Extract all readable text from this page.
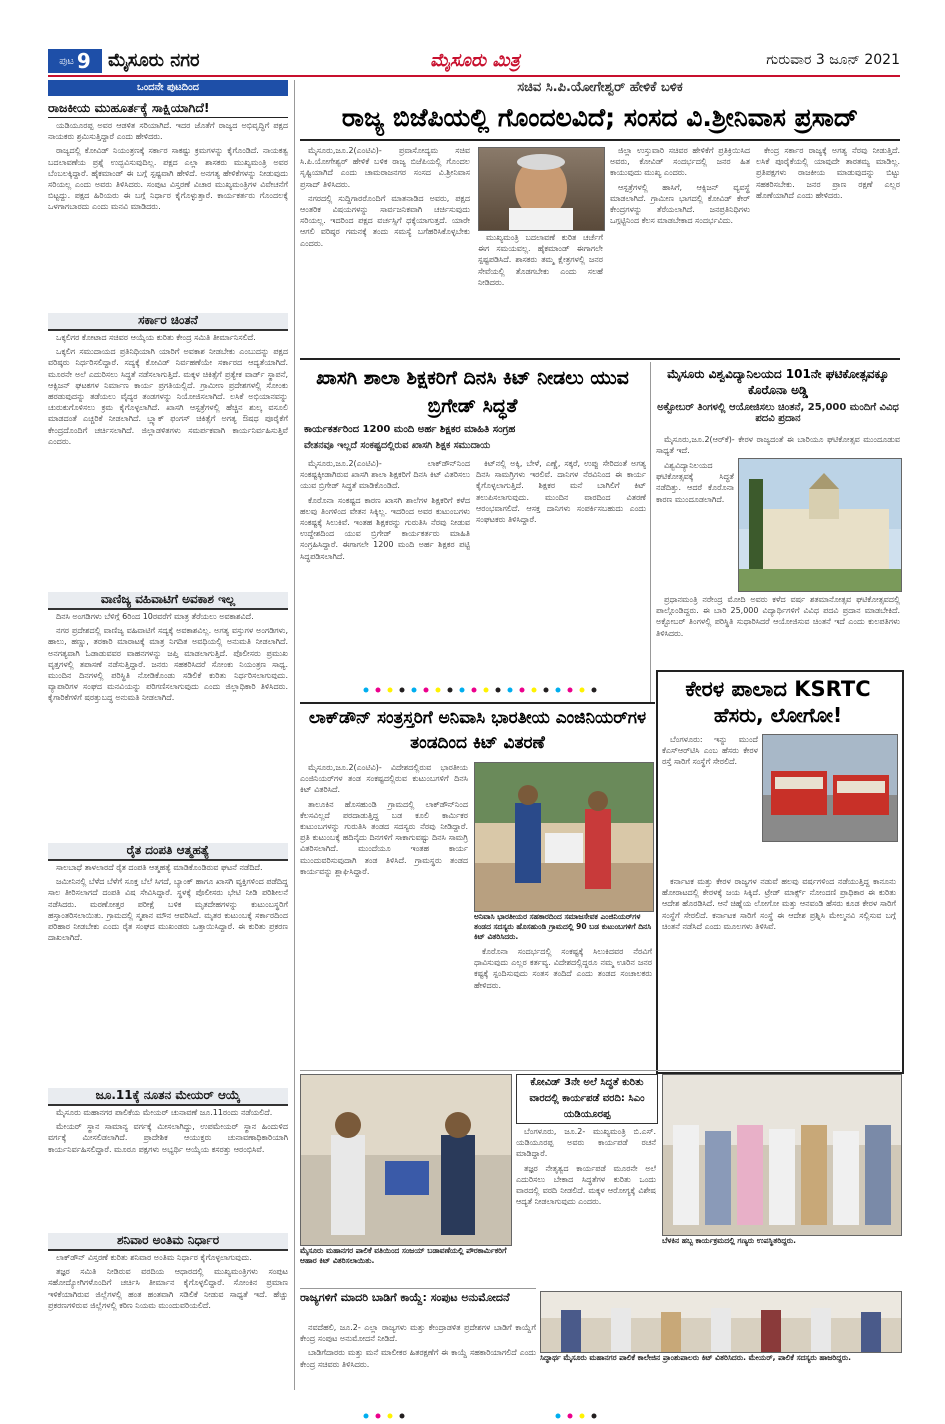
ಪುಟ 9 ಮೈಸೂರು ನಗರ	ಮೈಸೂರು ಮಿತ್ರ	ಗುರುವಾರ 3 ಜೂನ್ 2021
ಒಂದನೇ ಪುಟದಿಂದ
ರಾಜಕೀಯ ಮುಹೂರ್ತಕ್ಕೆ ಸಾಕ್ಷಿಯಾಗಿದೆ!

ಯಡಿಯೂರಪ್ಪ ಅವರ ಆಡಳಿತ ಸರಿಯಾಗಿದೆ. ಇದರ ಜೊತೆಗೆ ರಾಜ್ಯದ ಅಭಿವೃದ್ಧಿಗೆ ಪಕ್ಷದ ನಾಯಕರು ಶ್ರಮಿಸುತ್ತಿದ್ದಾರೆ ಎಂದು ಹೇಳಿದರು.

ರಾಜ್ಯದಲ್ಲಿ ಕೋವಿಡ್ ನಿಯಂತ್ರಣಕ್ಕೆ ಸರ್ಕಾರ ಸಾಕಷ್ಟು ಕ್ರಮಗಳನ್ನು ಕೈಗೊಂಡಿದೆ. ನಾಯಕತ್ವ ಬದಲಾವಣೆಯ ಪ್ರಶ್ನೆ ಉದ್ಭವಿಸುವುದಿಲ್ಲ. ಪಕ್ಷದ ಎಲ್ಲಾ ಶಾಸಕರು ಮುಖ್ಯಮಂತ್ರಿ ಅವರ ಬೆಂಬಲಕ್ಕಿದ್ದಾರೆ. ಹೈಕಮಾಂಡ್ ಈ ಬಗ್ಗೆ ಸ್ಪಷ್ಟವಾಗಿ ಹೇಳಿದೆ. ಅನಗತ್ಯ ಹೇಳಿಕೆಗಳನ್ನು ನೀಡುವುದು ಸರಿಯಲ್ಲ ಎಂದು ಅವರು ತಿಳಿಸಿದರು. ಸಂಪುಟ ವಿಸ್ತರಣೆ ವಿಚಾರ ಮುಖ್ಯಮಂತ್ರಿಗಳ ವಿವೇಚನೆಗೆ ಬಿಟ್ಟದ್ದು. ಪಕ್ಷದ ಹಿರಿಯರು ಈ ಬಗ್ಗೆ ನಿರ್ಧಾರ ಕೈಗೊಳ್ಳುತ್ತಾರೆ. ಕಾರ್ಯಕರ್ತರು ಗೊಂದಲಕ್ಕೆ ಒಳಗಾಗಬಾರದು ಎಂದು ಮನವಿ ಮಾಡಿದರು.

ಸರ್ಕಾರ ಚಿಂತನೆ

ಒಕ್ಕಲಿಗರ ಕೋಟಾದ ಸಚಿವರ ಆಯ್ಕೆಯ ಕುರಿತು ಕೇಂದ್ರ ಸಮಿತಿ ತೀರ್ಮಾನಿಸಲಿದೆ.

ಒಕ್ಕಲಿಗ ಸಮುದಾಯದ ಪ್ರತಿನಿಧಿಯಾಗಿ ಯಾರಿಗೆ ಅವಕಾಶ ನೀಡಬೇಕು ಎಂಬುದನ್ನು ಪಕ್ಷದ ವರಿಷ್ಠರು ನಿರ್ಧರಿಸಲಿದ್ದಾರೆ. ಸದ್ಯಕ್ಕೆ ಕೋವಿಡ್ ನಿರ್ವಹಣೆಯೇ ಸರ್ಕಾರದ ಆದ್ಯತೆಯಾಗಿದೆ. ಮೂರನೇ ಅಲೆ ಎದುರಿಸಲು ಸಿದ್ಧತೆ ನಡೆಸಲಾಗುತ್ತಿದೆ. ಮಕ್ಕಳ ಚಿಕಿತ್ಸೆಗೆ ಪ್ರತ್ಯೇಕ ವಾರ್ಡ್ ಸ್ಥಾಪನೆ, ಆಕ್ಸಿಜನ್ ಘಟಕಗಳ ನಿರ್ಮಾಣ ಕಾರ್ಯ ಪ್ರಗತಿಯಲ್ಲಿದೆ. ಗ್ರಾಮೀಣ ಪ್ರದೇಶಗಳಲ್ಲಿ ಸೋಂಕು ಹರಡುವುದನ್ನು ತಡೆಯಲು ವೈದ್ಯರ ತಂಡಗಳನ್ನು ನಿಯೋಜಿಸಲಾಗಿದೆ. ಲಸಿಕೆ ಅಭಿಯಾನವನ್ನು ಚುರುಕುಗೊಳಿಸಲು ಕ್ರಮ ಕೈಗೊಳ್ಳಲಾಗಿದೆ. ಖಾಸಗಿ ಆಸ್ಪತ್ರೆಗಳಲ್ಲಿ ಹೆಚ್ಚಿನ ಶುಲ್ಕ ವಸೂಲಿ ಮಾಡದಂತೆ ಎಚ್ಚರಿಕೆ ನೀಡಲಾಗಿದೆ. ಬ್ಲ್ಯಾಕ್ ಫಂಗಸ್ ಚಿಕಿತ್ಸೆಗೆ ಅಗತ್ಯ ಔಷಧ ಪೂರೈಕೆಗೆ ಕೇಂದ್ರದೊಂದಿಗೆ ಚರ್ಚಿಸಲಾಗಿದೆ. ಜಿಲ್ಲಾಡಳಿತಗಳು ಸಮರ್ಪಕವಾಗಿ ಕಾರ್ಯನಿರ್ವಹಿಸುತ್ತಿವೆ ಎಂದರು.

ವಾಣಿಜ್ಯ ವಹಿವಾಟಿಗೆ ಅವಕಾಶ ಇಲ್ಲ

ದಿನಸಿ ಅಂಗಡಿಗಳು ಬೆಳಿಗ್ಗೆ 6ರಿಂದ 10ರವರೆಗೆ ಮಾತ್ರ ತೆರೆಯಲು ಅವಕಾಶವಿದೆ.

ನಗರ ಪ್ರದೇಶದಲ್ಲಿ ವಾಣಿಜ್ಯ ವಹಿವಾಟಿಗೆ ಸದ್ಯಕ್ಕೆ ಅವಕಾಶವಿಲ್ಲ. ಅಗತ್ಯ ವಸ್ತುಗಳ ಅಂಗಡಿಗಳು, ಹಾಲು, ಹಣ್ಣು, ತರಕಾರಿ ಮಾರಾಟಕ್ಕೆ ಮಾತ್ರ ನಿಗದಿತ ಅವಧಿಯಲ್ಲಿ ಅನುಮತಿ ನೀಡಲಾಗಿದೆ. ಅನಗತ್ಯವಾಗಿ ಓಡಾಡುವವರ ವಾಹನಗಳನ್ನು ಜಪ್ತಿ ಮಾಡಲಾಗುತ್ತಿದೆ. ಪೊಲೀಸರು ಪ್ರಮುಖ ವೃತ್ತಗಳಲ್ಲಿ ತಪಾಸಣೆ ನಡೆಸುತ್ತಿದ್ದಾರೆ. ಜನರು ಸಹಕರಿಸಿದರೆ ಸೋಂಕು ನಿಯಂತ್ರಣ ಸಾಧ್ಯ. ಮುಂದಿನ ದಿನಗಳಲ್ಲಿ ಪರಿಸ್ಥಿತಿ ನೋಡಿಕೊಂಡು ಸಡಿಲಿಕೆ ಕುರಿತು ನಿರ್ಧರಿಸಲಾಗುವುದು. ವ್ಯಾಪಾರಿಗಳ ಸಂಘದ ಮನವಿಯನ್ನು ಪರಿಗಣಿಸಲಾಗುವುದು ಎಂದು ಜಿಲ್ಲಾಧಿಕಾರಿ ತಿಳಿಸಿದರು. ಕೈಗಾರಿಕೆಗಳಿಗೆ ಷರತ್ತುಬದ್ಧ ಅನುಮತಿ ನೀಡಲಾಗಿದೆ.

ರೈತ ದಂಪತಿ ಆತ್ಮಹತ್ಯೆ

ಸಾಲಬಾಧೆ ತಾಳಲಾರದೆ ರೈತ ದಂಪತಿ ಆತ್ಮಹತ್ಯೆ ಮಾಡಿಕೊಂಡಿರುವ ಘಟನೆ ನಡೆದಿದೆ.

ಜಮೀನಿನಲ್ಲಿ ಬೆಳೆದ ಬೆಳೆಗೆ ಸೂಕ್ತ ಬೆಲೆ ಸಿಗದೆ, ಬ್ಯಾಂಕ್ ಹಾಗೂ ಖಾಸಗಿ ವ್ಯಕ್ತಿಗಳಿಂದ ಪಡೆದಿದ್ದ ಸಾಲ ತೀರಿಸಲಾಗದೆ ದಂಪತಿ ವಿಷ ಸೇವಿಸಿದ್ದಾರೆ. ಸ್ಥಳಕ್ಕೆ ಪೊಲೀಸರು ಭೇಟಿ ನೀಡಿ ಪರಿಶೀಲನೆ ನಡೆಸಿದರು. ಮರಣೋತ್ತರ ಪರೀಕ್ಷೆ ಬಳಿಕ ಮೃತದೇಹಗಳನ್ನು ಕುಟುಂಬಸ್ಥರಿಗೆ ಹಸ್ತಾಂತರಿಸಲಾಯಿತು. ಗ್ರಾಮದಲ್ಲಿ ಸ್ಮಶಾನ ಮೌನ ಆವರಿಸಿದೆ. ಮೃತರ ಕುಟುಂಬಕ್ಕೆ ಸರ್ಕಾರದಿಂದ ಪರಿಹಾರ ನೀಡಬೇಕು ಎಂದು ರೈತ ಸಂಘದ ಮುಖಂಡರು ಒತ್ತಾಯಿಸಿದ್ದಾರೆ. ಈ ಕುರಿತು ಪ್ರಕರಣ ದಾಖಲಾಗಿದೆ.

ಜೂ.11ಕ್ಕೆ ನೂತನ ಮೇಯರ್ ಆಯ್ಕೆ

ಮೈಸೂರು ಮಹಾನಗರ ಪಾಲಿಕೆಯ ಮೇಯರ್ ಚುನಾವಣೆ ಜೂ.11ರಂದು ನಡೆಯಲಿದೆ.

ಮೇಯರ್ ಸ್ಥಾನ ಸಾಮಾನ್ಯ ವರ್ಗಕ್ಕೆ ಮೀಸಲಾಗಿದ್ದು, ಉಪಮೇಯರ್ ಸ್ಥಾನ ಹಿಂದುಳಿದ ವರ್ಗಕ್ಕೆ ಮೀಸಲಿಡಲಾಗಿದೆ. ಪ್ರಾದೇಶಿಕ ಆಯುಕ್ತರು ಚುನಾವಣಾಧಿಕಾರಿಯಾಗಿ ಕಾರ್ಯನಿರ್ವಹಿಸಲಿದ್ದಾರೆ. ಮೂರೂ ಪಕ್ಷಗಳು ಅಭ್ಯರ್ಥಿ ಆಯ್ಕೆಯ ಕಸರತ್ತು ಆರಂಭಿಸಿವೆ.

ಶನಿವಾರ ಅಂತಿಮ ನಿರ್ಧಾರ

ಲಾಕ್‌ಡೌನ್ ವಿಸ್ತರಣೆ ಕುರಿತು ಶನಿವಾರ ಅಂತಿಮ ನಿರ್ಧಾರ ಕೈಗೊಳ್ಳಲಾಗುವುದು.

ತಜ್ಞರ ಸಮಿತಿ ನೀಡಿರುವ ವರದಿಯ ಆಧಾರದಲ್ಲಿ ಮುಖ್ಯಮಂತ್ರಿಗಳು ಸಂಪುಟ ಸಹೋದ್ಯೋಗಿಗಳೊಂದಿಗೆ ಚರ್ಚಿಸಿ ತೀರ್ಮಾನ ಕೈಗೊಳ್ಳಲಿದ್ದಾರೆ. ಸೋಂಕಿನ ಪ್ರಮಾಣ ಇಳಿಕೆಯಾಗಿರುವ ಜಿಲ್ಲೆಗಳಲ್ಲಿ ಹಂತ ಹಂತವಾಗಿ ಸಡಿಲಿಕೆ ನೀಡುವ ಸಾಧ್ಯತೆ ಇದೆ. ಹೆಚ್ಚು ಪ್ರಕರಣಗಳಿರುವ ಜಿಲ್ಲೆಗಳಲ್ಲಿ ಕಠಿಣ ನಿಯಮ ಮುಂದುವರಿಯಲಿದೆ.

ಸಚಿವ ಸಿ.ಪಿ.ಯೋಗೇಶ್ವರ್ ಹೇಳಿಕೆ ಬಳಿಕ
ರಾಜ್ಯ ಬಿಜೆಪಿಯಲ್ಲಿ ಗೊಂದಲವಿದೆ; ಸಂಸದ ವಿ.ಶ್ರೀನಿವಾಸ ಪ್ರಸಾದ್

ಮೈಸೂರು,ಜೂ.2(ಎಂಟಿವಿ)- ಪ್ರವಾಸೋದ್ಯಮ ಸಚಿವ ಸಿ.ಪಿ.ಯೋಗೇಶ್ವರ್ ಹೇಳಿಕೆ ಬಳಿಕ ರಾಜ್ಯ ಬಿಜೆಪಿಯಲ್ಲಿ ಗೊಂದಲ ಸೃಷ್ಟಿಯಾಗಿದೆ ಎಂದು ಚಾಮರಾಜನಗರ ಸಂಸದ ವಿ.ಶ್ರೀನಿವಾಸ ಪ್ರಸಾದ್ ತಿಳಿಸಿದರು.

ನಗರದಲ್ಲಿ ಸುದ್ದಿಗಾರರೊಂದಿಗೆ ಮಾತನಾಡಿದ ಅವರು, ಪಕ್ಷದ ಆಂತರಿಕ ವಿಷಯಗಳನ್ನು ಸಾರ್ವಜನಿಕವಾಗಿ ಚರ್ಚಿಸುವುದು ಸರಿಯಲ್ಲ. ಇದರಿಂದ ಪಕ್ಷದ ವರ್ಚಸ್ಸಿಗೆ ಧಕ್ಕೆಯಾಗುತ್ತದೆ. ಯಾರೇ ಆಗಲಿ ವರಿಷ್ಠರ ಗಮನಕ್ಕೆ ತಂದು ಸಮಸ್ಯೆ ಬಗೆಹರಿಸಿಕೊಳ್ಳಬೇಕು ಎಂದರು.

ಮುಖ್ಯಮಂತ್ರಿ ಬದಲಾವಣೆ ಕುರಿತ ಚರ್ಚೆಗೆ ಈಗ ಸಮಯವಲ್ಲ. ಹೈಕಮಾಂಡ್ ಈಗಾಗಲೇ ಸ್ಪಷ್ಟಪಡಿಸಿದೆ. ಶಾಸಕರು ತಮ್ಮ ಕ್ಷೇತ್ರಗಳಲ್ಲಿ ಜನರ ಸೇವೆಯಲ್ಲಿ ತೊಡಗಬೇಕು ಎಂದು ಸಲಹೆ ನೀಡಿದರು.

ಜಿಲ್ಲಾ ಉಸ್ತುವಾರಿ ಸಚಿವರ ಹೇಳಿಕೆಗೆ ಪ್ರತಿಕ್ರಿಯಿಸಿದ ಅವರು, ಕೋವಿಡ್ ಸಂದರ್ಭದಲ್ಲಿ ಜನರ ಹಿತ ಕಾಯುವುದು ಮುಖ್ಯ ಎಂದರು.

ಆಸ್ಪತ್ರೆಗಳಲ್ಲಿ ಹಾಸಿಗೆ, ಆಕ್ಸಿಜನ್ ವ್ಯವಸ್ಥೆ ಮಾಡಲಾಗಿದೆ. ಗ್ರಾಮೀಣ ಭಾಗದಲ್ಲಿ ಕೋವಿಡ್ ಕೇರ್ ಕೇಂದ್ರಗಳನ್ನು ತೆರೆಯಲಾಗಿದೆ. ಜನಪ್ರತಿನಿಧಿಗಳು ಒಗ್ಗಟ್ಟಿನಿಂದ ಕೆಲಸ ಮಾಡಬೇಕಾದ ಸಂದರ್ಭವಿದು.

ಕೇಂದ್ರ ಸರ್ಕಾರ ರಾಜ್ಯಕ್ಕೆ ಅಗತ್ಯ ನೆರವು ನೀಡುತ್ತಿದೆ. ಲಸಿಕೆ ಪೂರೈಕೆಯಲ್ಲಿ ಯಾವುದೇ ತಾರತಮ್ಯ ಮಾಡಿಲ್ಲ. ಪ್ರತಿಪಕ್ಷಗಳು ರಾಜಕೀಯ ಮಾಡುವುದನ್ನು ಬಿಟ್ಟು ಸಹಕರಿಸಬೇಕು. ಜನರ ಪ್ರಾಣ ರಕ್ಷಣೆ ಎಲ್ಲರ ಹೊಣೆಯಾಗಿದೆ ಎಂದು ಹೇಳಿದರು.

ಖಾಸಗಿ ಶಾಲಾ ಶಿಕ್ಷಕರಿಗೆ ದಿನಸಿ ಕಿಟ್ ನೀಡಲು ಯುವ ಬ್ರಿಗೇಡ್ ಸಿದ್ಧತೆ
ಕಾರ್ಯಕರ್ತರಿಂದ 1200 ಮಂದಿ ಅರ್ಹ ಶಿಕ್ಷಕರ ಮಾಹಿತಿ ಸಂಗ್ರಹ
ವೇತನವೂ ಇಲ್ಲದೆ ಸಂಕಷ್ಟದಲ್ಲಿರುವ ಖಾಸಗಿ ಶಿಕ್ಷಕ ಸಮುದಾಯ

ಮೈಸೂರು,ಜೂ.2(ಎಂಟಿವಿ)- ಲಾಕ್‌ಡೌನ್‌ನಿಂದ ಸಂಕಷ್ಟಕ್ಕೀಡಾಗಿರುವ ಖಾಸಗಿ ಶಾಲಾ ಶಿಕ್ಷಕರಿಗೆ ದಿನಸಿ ಕಿಟ್ ವಿತರಿಸಲು ಯುವ ಬ್ರಿಗೇಡ್ ಸಿದ್ಧತೆ ಮಾಡಿಕೊಂಡಿದೆ.

ಕೊರೊನಾ ಸಂಕಷ್ಟದ ಕಾರಣ ಖಾಸಗಿ ಶಾಲೆಗಳ ಶಿಕ್ಷಕರಿಗೆ ಕಳೆದ ಹಲವು ತಿಂಗಳಿಂದ ವೇತನ ಸಿಕ್ಕಿಲ್ಲ. ಇದರಿಂದ ಅವರ ಕುಟುಂಬಗಳು ಸಂಕಷ್ಟಕ್ಕೆ ಸಿಲುಕಿವೆ. ಇಂತಹ ಶಿಕ್ಷಕರನ್ನು ಗುರುತಿಸಿ ನೆರವು ನೀಡುವ ಉದ್ದೇಶದಿಂದ ಯುವ ಬ್ರಿಗೇಡ್ ಕಾರ್ಯಕರ್ತರು ಮಾಹಿತಿ ಸಂಗ್ರಹಿಸಿದ್ದಾರೆ. ಈಗಾಗಲೇ 1200 ಮಂದಿ ಅರ್ಹ ಶಿಕ್ಷಕರ ಪಟ್ಟಿ ಸಿದ್ಧಪಡಿಸಲಾಗಿದೆ.

ಕಿಟ್‌ನಲ್ಲಿ ಅಕ್ಕಿ, ಬೇಳೆ, ಎಣ್ಣೆ, ಸಕ್ಕರೆ, ಉಪ್ಪು ಸೇರಿದಂತೆ ಅಗತ್ಯ ದಿನಸಿ ಸಾಮಗ್ರಿಗಳು ಇರಲಿವೆ. ದಾನಿಗಳ ನೆರವಿನಿಂದ ಈ ಕಾರ್ಯ ಕೈಗೊಳ್ಳಲಾಗುತ್ತಿದೆ. ಶಿಕ್ಷಕರ ಮನೆ ಬಾಗಿಲಿಗೆ ಕಿಟ್ ತಲುಪಿಸಲಾಗುವುದು. ಮುಂದಿನ ವಾರದಿಂದ ವಿತರಣೆ ಆರಂಭವಾಗಲಿದೆ. ಆಸಕ್ತ ದಾನಿಗಳು ಸಂಪರ್ಕಿಸಬಹುದು ಎಂದು ಸಂಘಟಕರು ತಿಳಿಸಿದ್ದಾರೆ.

ಮೈಸೂರು ವಿಶ್ವವಿದ್ಯಾನಿಲಯದ 101ನೇ ಘಟಿಕೋತ್ಸವಕ್ಕೂ ಕೊರೊನಾ ಅಡ್ಡಿ
ಅಕ್ಟೋಬರ್ ತಿಂಗಳಲ್ಲಿ ಆಯೋಜಿಸಲು ಚಿಂತನೆ, 25,000 ಮಂದಿಗೆ ವಿವಿಧ ಪದವಿ ಪ್ರದಾನ

ಮೈಸೂರು,ಜೂ.2(ಆರ್‌ಕೆ)- ಕೇರಳ ರಾಜ್ಯದಂತೆ ಈ ಬಾರಿಯೂ ಘಟಿಕೋತ್ಸವ ಮುಂದೂಡುವ ಸಾಧ್ಯತೆ ಇದೆ.

ವಿಶ್ವವಿದ್ಯಾನಿಲಯದ ಘಟಿಕೋತ್ಸವಕ್ಕೆ ಸಿದ್ಧತೆ ನಡೆದಿತ್ತು. ಆದರೆ ಕೊರೊನಾ ಕಾರಣ ಮುಂದೂಡಲಾಗಿದೆ.

ಪ್ರಧಾನಮಂತ್ರಿ ನರೇಂದ್ರ ಮೋದಿ ಅವರು ಕಳೆದ ವರ್ಷ ಶತಮಾನೋತ್ಸವ ಘಟಿಕೋತ್ಸವದಲ್ಲಿ ಪಾಲ್ಗೊಂಡಿದ್ದರು. ಈ ಬಾರಿ 25,000 ವಿದ್ಯಾರ್ಥಿಗಳಿಗೆ ವಿವಿಧ ಪದವಿ ಪ್ರದಾನ ಮಾಡಬೇಕಿದೆ. ಅಕ್ಟೋಬರ್ ತಿಂಗಳಲ್ಲಿ ಪರಿಸ್ಥಿತಿ ಸುಧಾರಿಸಿದರೆ ಆಯೋಜಿಸುವ ಚಿಂತನೆ ಇದೆ ಎಂದು ಕುಲಪತಿಗಳು ತಿಳಿಸಿದರು.

ಲಾಕ್‌ಡೌನ್ ಸಂತ್ರಸ್ತರಿಗೆ ಅನಿವಾಸಿ ಭಾರತೀಯ ಎಂಜಿನಿಯರ್‌ಗಳ ತಂಡದಿಂದ ಕಿಟ್ ವಿತರಣೆ

ಮೈಸೂರು,ಜೂ.2(ಎಂಟಿವಿ)- ವಿದೇಶದಲ್ಲಿರುವ ಭಾರತೀಯ ಎಂಜಿನಿಯರ್‌ಗಳ ತಂಡ ಸಂಕಷ್ಟದಲ್ಲಿರುವ ಕುಟುಂಬಗಳಿಗೆ ದಿನಸಿ ಕಿಟ್ ವಿತರಿಸಿದೆ.

ತಾಲೂಕಿನ ಹೊಸಹುಂಡಿ ಗ್ರಾಮದಲ್ಲಿ ಲಾಕ್‌ಡೌನ್‌ನಿಂದ ಕೆಲಸವಿಲ್ಲದೆ ಪರದಾಡುತ್ತಿದ್ದ ಬಡ ಕೂಲಿ ಕಾರ್ಮಿಕರ ಕುಟುಂಬಗಳನ್ನು ಗುರುತಿಸಿ ತಂಡದ ಸದಸ್ಯರು ನೆರವು ನೀಡಿದ್ದಾರೆ. ಪ್ರತಿ ಕುಟುಂಬಕ್ಕೆ ಹದಿನೈದು ದಿನಗಳಿಗೆ ಸಾಕಾಗುವಷ್ಟು ದಿನಸಿ ಸಾಮಗ್ರಿ ವಿತರಿಸಲಾಗಿದೆ. ಮುಂದೆಯೂ ಇಂತಹ ಕಾರ್ಯ ಮುಂದುವರಿಸುವುದಾಗಿ ತಂಡ ತಿಳಿಸಿದೆ. ಗ್ರಾಮಸ್ಥರು ತಂಡದ ಕಾರ್ಯವನ್ನು ಶ್ಲಾಘಿಸಿದ್ದಾರೆ.

ಅನಿವಾಸಿ ಭಾರತೀಯರ ಸಹಕಾರದಿಂದ ಸಮಾಜಸೇವಕ ಎಂಜಿನಿಯರ್‌ಗಳ ತಂಡದ ಸದಸ್ಯರು ಹೊಸಹುಂಡಿ ಗ್ರಾಮದಲ್ಲಿ 90 ಬಡ ಕುಟುಂಬಗಳಿಗೆ ದಿನಸಿ ಕಿಟ್ ವಿತರಿಸಿದರು.

ಕೊರೊನಾ ಸಂದರ್ಭದಲ್ಲಿ ಸಂಕಷ್ಟಕ್ಕೆ ಸಿಲುಕಿದವರ ನೆರವಿಗೆ ಧಾವಿಸುವುದು ಎಲ್ಲರ ಕರ್ತವ್ಯ. ವಿದೇಶದಲ್ಲಿದ್ದರೂ ನಮ್ಮ ಊರಿನ ಜನರ ಕಷ್ಟಕ್ಕೆ ಸ್ಪಂದಿಸುವುದು ಸಂತಸ ತಂದಿದೆ ಎಂದು ತಂಡದ ಸಂಚಾಲಕರು ಹೇಳಿದರು.

ಕೇರಳ ಪಾಲಾದ KSRTC
ಹೆಸರು, ಲೋಗೋ!

ಬೆಂಗಳೂರು: ಇನ್ನು ಮುಂದೆ ಕೆಎಸ್‌ಆರ್‌ಟಿಸಿ ಎಂಬ ಹೆಸರು ಕೇರಳ ರಸ್ತೆ ಸಾರಿಗೆ ಸಂಸ್ಥೆಗೆ ಸೇರಲಿದೆ.

ಕರ್ನಾಟಕ ಮತ್ತು ಕೇರಳ ರಾಜ್ಯಗಳ ನಡುವೆ ಹಲವು ವರ್ಷಗಳಿಂದ ನಡೆಯುತ್ತಿದ್ದ ಕಾನೂನು ಹೋರಾಟದಲ್ಲಿ ಕೇರಳಕ್ಕೆ ಜಯ ಸಿಕ್ಕಿದೆ. ಟ್ರೇಡ್ ಮಾರ್ಕ್ಸ್ ನೋಂದಣಿ ಪ್ರಾಧಿಕಾರ ಈ ಕುರಿತು ಆದೇಶ ಹೊರಡಿಸಿದೆ. ಆನೆ ಚಿಹ್ನೆಯ ಲೋಗೋ ಮತ್ತು ಆನವಂಡಿ ಹೆಸರು ಕೂಡ ಕೇರಳ ಸಾರಿಗೆ ಸಂಸ್ಥೆಗೆ ಸೇರಲಿದೆ. ಕರ್ನಾಟಕ ಸಾರಿಗೆ ಸಂಸ್ಥೆ ಈ ಆದೇಶ ಪ್ರಶ್ನಿಸಿ ಮೇಲ್ಮನವಿ ಸಲ್ಲಿಸುವ ಬಗ್ಗೆ ಚಿಂತನೆ ನಡೆಸಿದೆ ಎಂದು ಮೂಲಗಳು ತಿಳಿಸಿವೆ.

ಮೈಸೂರು ಮಹಾನಗರ ಪಾಲಿಕೆ ವತಿಯಿಂದ ಸಂಜಯ್ ಬಡಾವಣೆಯಲ್ಲಿ ಪೌರಕಾರ್ಮಿಕರಿಗೆ ಆಹಾರ ಕಿಟ್ ವಿತರಿಸಲಾಯಿತು.
ಕೋವಿಡ್ 3ನೇ ಅಲೆ ಸಿದ್ಧತೆ ಕುರಿತು ವಾರದಲ್ಲಿ ಕಾರ್ಯಪಡೆ ವರದಿ: ಸಿಎಂ ಯಡಿಯೂರಪ್ಪ

ಬೆಂಗಳೂರು, ಜೂ.2- ಮುಖ್ಯಮಂತ್ರಿ ಬಿ.ಎಸ್. ಯಡಿಯೂರಪ್ಪ ಅವರು ಕಾರ್ಯಪಡೆ ರಚನೆ ಮಾಡಿದ್ದಾರೆ.

ತಜ್ಞರ ನೇತೃತ್ವದ ಕಾರ್ಯಪಡೆ ಮೂರನೇ ಅಲೆ ಎದುರಿಸಲು ಬೇಕಾದ ಸಿದ್ಧತೆಗಳ ಕುರಿತು ಒಂದು ವಾರದಲ್ಲಿ ವರದಿ ನೀಡಲಿದೆ. ಮಕ್ಕಳ ಆರೋಗ್ಯಕ್ಕೆ ವಿಶೇಷ ಆದ್ಯತೆ ನೀಡಲಾಗುವುದು ಎಂದರು.

ಬೆಳಕಿನ ಹಬ್ಬ ಕಾರ್ಯಕ್ರಮದಲ್ಲಿ ಗಣ್ಯರು ಉಪಸ್ಥಿತರಿದ್ದರು.
ರಾಜ್ಯಗಳಿಗೆ ಮಾದರಿ ಬಾಡಿಗೆ ಕಾಯ್ದೆ: ಸಂಪುಟ ಅನುಮೋದನೆ

ನವದೆಹಲಿ, ಜೂ.2- ಎಲ್ಲಾ ರಾಜ್ಯಗಳು ಮತ್ತು ಕೇಂದ್ರಾಡಳಿತ ಪ್ರದೇಶಗಳ ಬಾಡಿಗೆ ಕಾಯ್ದೆಗೆ ಕೇಂದ್ರ ಸಂಪುಟ ಅನುಮೋದನೆ ನೀಡಿದೆ.

ಬಾಡಿಗೆದಾರರು ಮತ್ತು ಮನೆ ಮಾಲೀಕರ ಹಿತರಕ್ಷಣೆಗೆ ಈ ಕಾಯ್ದೆ ಸಹಕಾರಿಯಾಗಲಿದೆ ಎಂದು ಕೇಂದ್ರ ಸಚಿವರು ತಿಳಿಸಿದರು.

ಸಿದ್ಧಾರ್ಥ ಮೈಸೂರು ಮಹಾನಗರ ಪಾಲಿಕೆ ಕಾಲೇಜಿನ ಪ್ರಾಂಶುಪಾಲರು ಕಿಟ್ ವಿತರಿಸಿದರು. ಮೇಯರ್, ಪಾಲಿಕೆ ಸದಸ್ಯರು ಹಾಜರಿದ್ದರು.
